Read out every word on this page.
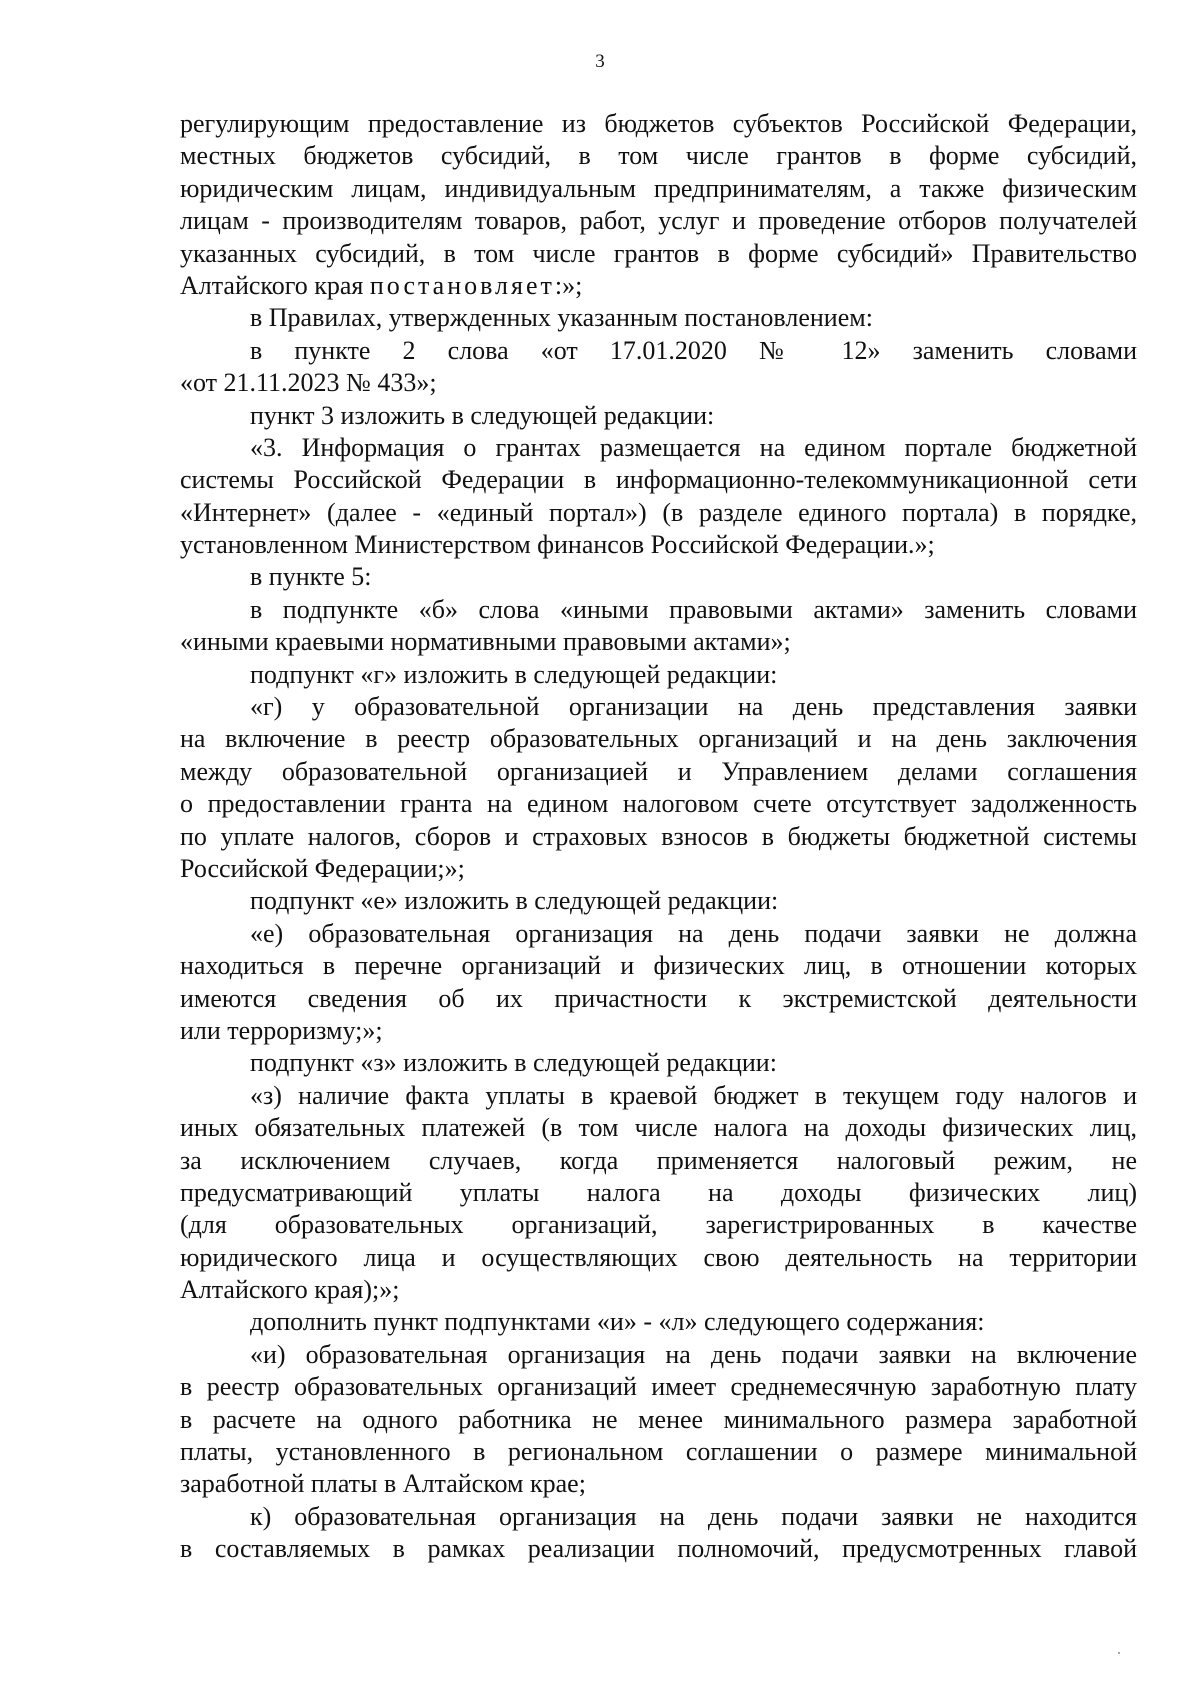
3
регулирующим предоставление из бюджетов субъектов Российской Федерации,
местных бюджетов субсидий, в том числе грантов в форме субсидий,
юридическим лицам, индивидуальным предпринимателям, а также физическим
лицам - производителям товаров, работ, услуг и проведение отборов получателей
указанных субсидий, в том числе грантов в форме субсидий» Правительство
Алтайского края постановляет:»;
в Правилах, утвержденных указанным постановлением:
в пункте 2 слова «от 17.01.2020 № 12» заменить словами
«от 21.11.2023 № 433»;
пункт 3 изложить в следующей редакции:
«3. Информация о грантах размещается на едином портале бюджетной
системы Российской Федерации в информационно-телекоммуникационной сети
«Интернет» (далее - «единый портал») (в разделе единого портала) в порядке,
установленном Министерством финансов Российской Федерации.»;
в пункте 5:
в подпункте «б» слова «иными правовыми актами» заменить словами
«иными краевыми нормативными правовыми актами»;
подпункт «г» изложить в следующей редакции:
«г) у образовательной организации на день представления заявки
на включение в реестр образовательных организаций и на день заключения
между образовательной организацией и Управлением делами соглашения
о предоставлении гранта на едином налоговом счете отсутствует задолженность
по уплате налогов, сборов и страховых взносов в бюджеты бюджетной системы
Российской Федерации;»;
подпункт «е» изложить в следующей редакции:
«е) образовательная организация на день подачи заявки не должна
находиться в перечне организаций и физических лиц, в отношении которых
имеются сведения об их причастности к экстремистской деятельности
или терроризму;»;
подпункт «з» изложить в следующей редакции:
«з) наличие факта уплаты в краевой бюджет в текущем году налогов и
иных обязательных платежей (в том числе налога на доходы физических лиц,
за исключением случаев, когда применяется налоговый режим, не
предусматривающий уплаты налога на доходы физических лиц)
(для образовательных организаций, зарегистрированных в качестве
юридического лица и осуществляющих свою деятельность на территории
Алтайского края);»;
дополнить пункт подпунктами «и» - «л» следующего содержания:
«и) образовательная организация на день подачи заявки на включение
в реестр образовательных организаций имеет среднемесячную заработную плату
в расчете на одного работника не менее минимального размера заработной
платы, установленного в региональном соглашении о размере минимальной
заработной платы в Алтайском крае;
к) образовательная организация на день подачи заявки не находится
в составляемых в рамках реализации полномочий, предусмотренных главой
